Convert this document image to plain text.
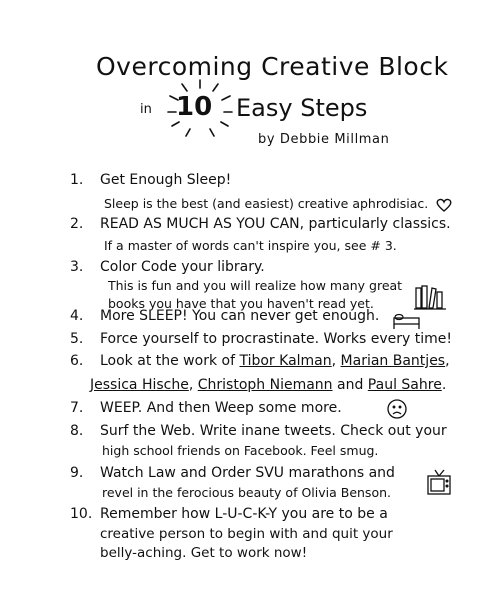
Overcoming Creative Block
in 10 Easy Steps
by Debbie Millman
1. Get Enough Sleep!
Sleep is the best (and easiest) creative aphrodisiac.
2. READ AS MUCH AS YOU CAN, particularly classics.
If a master of words can't inspire you, see # 3.
3. Color Code your library.
This is fun and you will realize how many great
books you have that you haven't read yet.
4. More SLEEP! You can never get enough.
5. Force yourself to procrastinate. Works every time!
6. Look at the work of Tibor Kalman, Marian Bantjes,
Jessica Hische, Christoph Niemann and Paul Sahre.
7. WEEP. And then Weep some more.
8. Surf the Web. Write inane tweets. Check out your
high school friends on Facebook. Feel smug.
9. Watch Law and Order SVU marathons and
revel in the ferocious beauty of Olivia Benson.
10. Remember how L-U-C-K-Y you are to be a
creative person to begin with and quit your
belly-aching. Get to work now!
